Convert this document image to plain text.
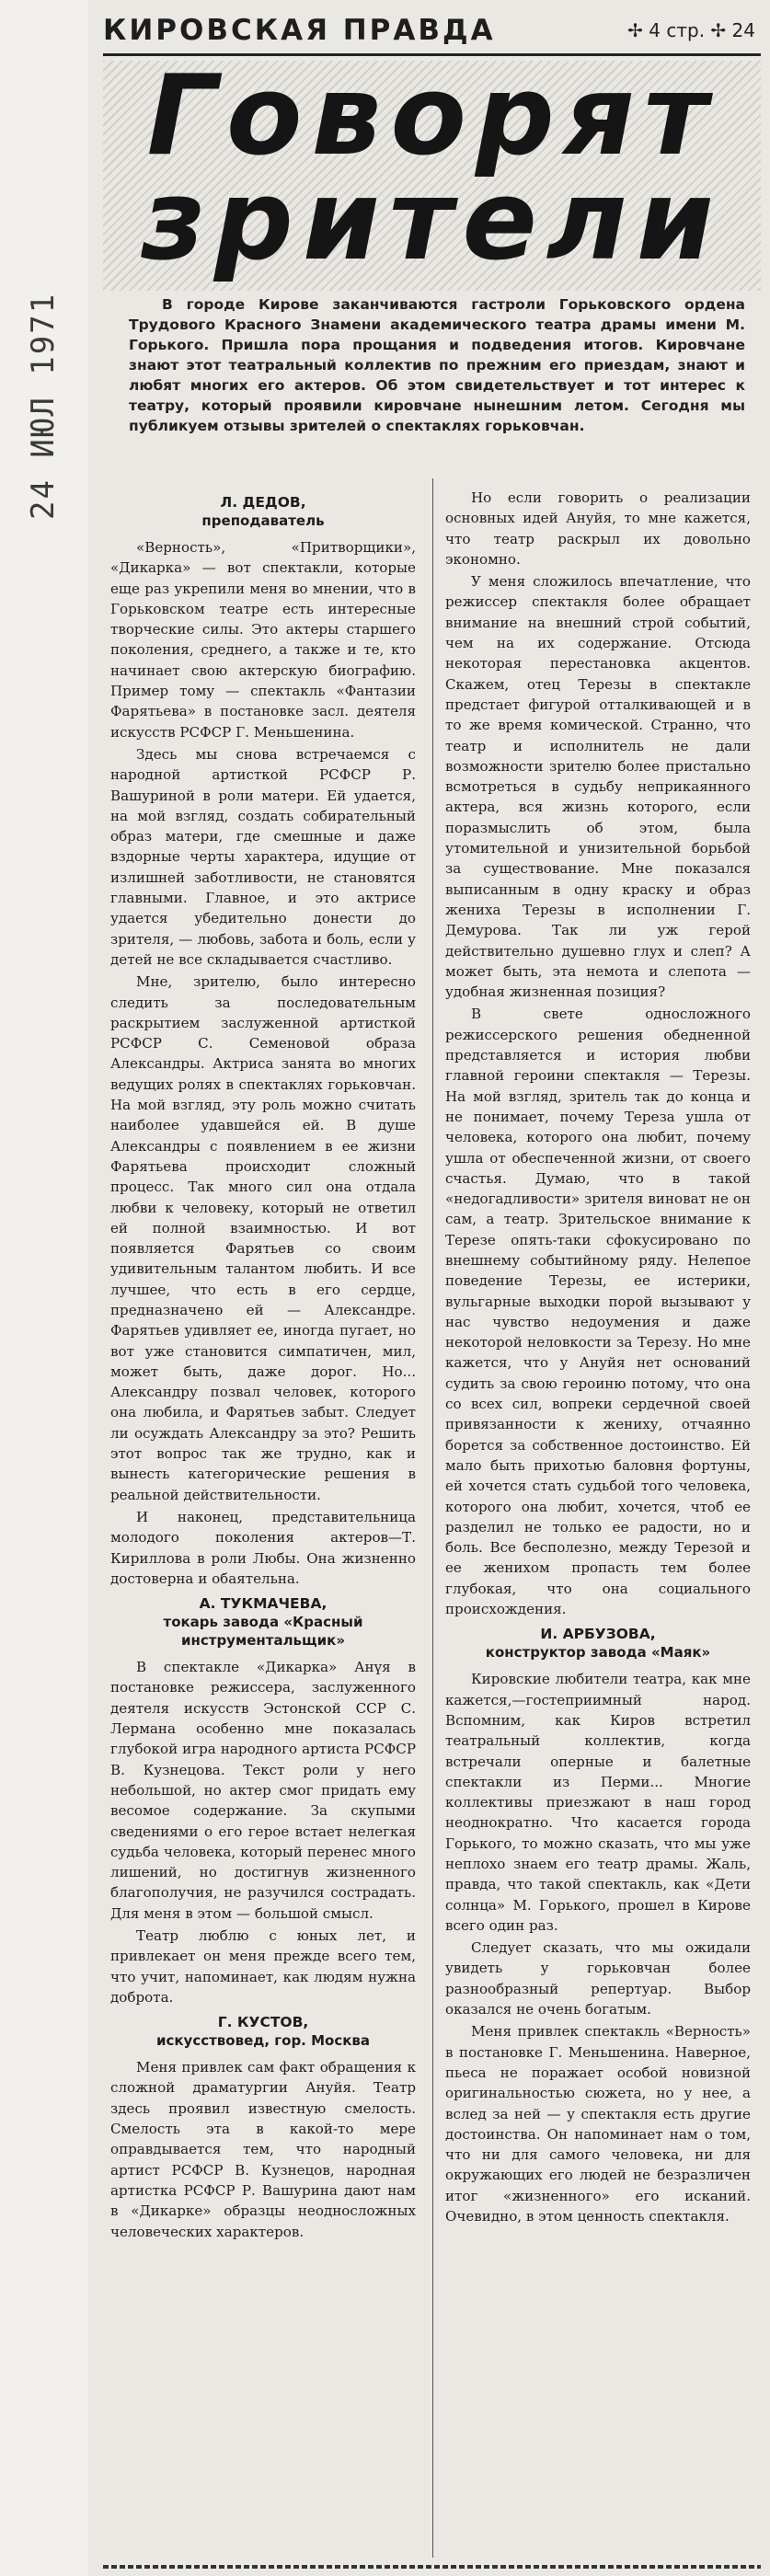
24 ИЮЛ 1971
КИРОВСКАЯ ПРАВДА	✢ 4 стр. ✢ 24
Говорят
зрители
В городе Кирове заканчиваются гастроли Горьковского ордена Трудового Красного Знамени академического театра драмы имени М. Горького. Пришла пора прощания и подведения итогов. Кировчане знают этот театральный коллектив по прежним его приездам, знают и любят многих его актеров. Об этом свидетельствует и тот интерес к театру, который проявили кировчане нынешним летом. Сегодня мы публикуем отзывы зрителей о спектаклях горьковчан.
Л. ДЕДОВ,
преподаватель

«Верность», «Притворщики», «Дикарка» — вот спектакли, которые еще раз укрепили меня во мнении, что в Горьковском театре есть интересные творческие силы. Это актеры старшего поколения, среднего, а также и те, кто начинает свою актерскую биографию. Пример тому — спектакль «Фантазии Фарятьева» в постановке засл. деятеля искусств РСФСР Г. Меньшенина.

Здесь мы снова встречаемся с народной артисткой РСФСР Р. Вашуриной в роли матери. Ей удается, на мой взгляд, создать собирательный образ матери, где смешные и даже вздорные черты характера, идущие от излишней заботливости, не становятся главными. Главное, и это актрисе удается убедительно донести до зрителя, — любовь, забота и боль, если у детей не все складывается счастливо.

Мне, зрителю, было интересно следить за последовательным раскрытием заслуженной артисткой РСФСР С. Семеновой образа Александры. Актриса занята во многих ведущих ролях в спектаклях горьковчан. На мой взгляд, эту роль можно считать наиболее удавшейся ей. В душе Александры с появлением в ее жизни Фарятьева происходит сложный процесс. Так много сил она отдала любви к человеку, который не ответил ей полной взаимностью. И вот появляется Фарятьев со своим удивительным талантом любить. И все лучшее, что есть в его сердце, предназначено ей — Александре. Фарятьев удивляет ее, иногда пугает, но вот уже становится симпатичен, мил, может быть, даже дорог. Но... Александру позвал человек, которого она любила, и Фарятьев забыт. Следует ли осуждать Александру за это? Решить этот вопрос так же трудно, как и вынесть категорические решения в реальной действительности.

И наконец, представительница молодого поколения актеров—Т. Кириллова в роли Любы. Она жизненно достоверна и обаятельна.

А. ТУКМАЧЕВА,
токарь завода «Красный инструментальщик»

В спектакле «Дикарка» Анүя в постановке режиссера, заслуженного деятеля искусств Эстонской ССР С. Лермана особенно мне показалась глубокой игра народного артиста РСФСР В. Кузнецова. Текст роли у него небольшой, но актер смог придать ему весомое содержание. За скупыми сведениями о его герое встает нелегкая судьба человека, который перенес много лишений, но достигнув жизненного благополучия, не разучился сострадать. Для меня в этом — большой смысл.

Театр люблю с юных лет, и привлекает он меня прежде всего тем, что учит, напоминает, как людям нужна доброта.

Г. КУСТОВ,
искусствовед, гор. Москва

Меня привлек сам факт обращения к сложной драматургии Ануйя. Театр здесь проявил известную смелость. Смелость эта в какой-то мере оправдывается тем, что народный артист РСФСР В. Кузнецов, народная артистка РСФСР Р. Вашурина дают нам в «Дикарке» образцы неодносложных человеческих характеров.

Но если говорить о реализации основных идей Ануйя, то мне кажется, что театр раскрыл их довольно экономно.

У меня сложилось впечатление, что режиссер спектакля более обращает внимание на внешний строй событий, чем на их содержание. Отсюда некоторая перестановка акцентов. Скажем, отец Терезы в спектакле предстает фигурой отталкивающей и в то же время комической. Странно, что театр и исполнитель не дали возможности зрителю более пристально всмотреться в судьбу неприкаянного актера, вся жизнь которого, если поразмыслить об этом, была утомительной и унизительной борьбой за существование. Мне показался выписанным в одну краску и образ жениха Терезы в исполнении Г. Демурова. Так ли уж герой действительно душевно глух и слеп? А может быть, эта немота и слепота — удобная жизненная позиция?

В свете односложного режиссерского решения обедненной представляется и история любви главной героини спектакля — Терезы. На мой взгляд, зритель так до конца и не понимает, почему Тереза ушла от человека, которого она любит, почему ушла от обеспеченной жизни, от своего счастья. Думаю, что в такой «недогадливости» зрителя виноват не он сам, а театр. Зрительское внимание к Терезе опять-таки сфокусировано по внешнему событийному ряду. Нелепое поведение Терезы, ее истерики, вульгарные выходки порой вызывают у нас чувство недоумения и даже некоторой неловкости за Терезу. Но мне кажется, что у Ануйя нет оснований судить за свою героиню потому, что она со всех сил, вопреки сердечной своей привязанности к жениху, отчаянно борется за собственное достоинство. Ей мало быть прихотью баловня фортуны, ей хочется стать судьбой того человека, которого она любит, хочется, чтоб ее разделил не только ее радости, но и боль. Все бесполезно, между Терезой и ее женихом пропасть тем более глубокая, что она социального происхождения.

И. АРБУЗОВА,
конструктор завода «Маяк»

Кировские любители театра, как мне кажется,—гостеприимный народ. Вспомним, как Киров встретил театральный коллектив, когда встречали оперные и балетные спектакли из Перми... Многие коллективы приезжают в наш город неоднократно. Что касается города Горького, то можно сказать, что мы уже неплохо знаем его театр драмы. Жаль, правда, что такой спектакль, как «Дети солнца» М. Горького, прошел в Кирове всего один раз.

Следует сказать, что мы ожидали увидеть у горьковчан более разнообразный репертуар. Выбор оказался не очень богатым.

Меня привлек спектакль «Верность» в постановке Г. Меньшенина. Наверное, пьеса не поражает особой новизной оригинальностью сюжета, но у нее, а вслед за ней — у спектакля есть другие достоинства. Он напоминает нам о том, что ни для самого человека, ни для окружающих его людей не безразличен итог «жизненного» его исканий. Очевидно, в этом ценность спектакля.
